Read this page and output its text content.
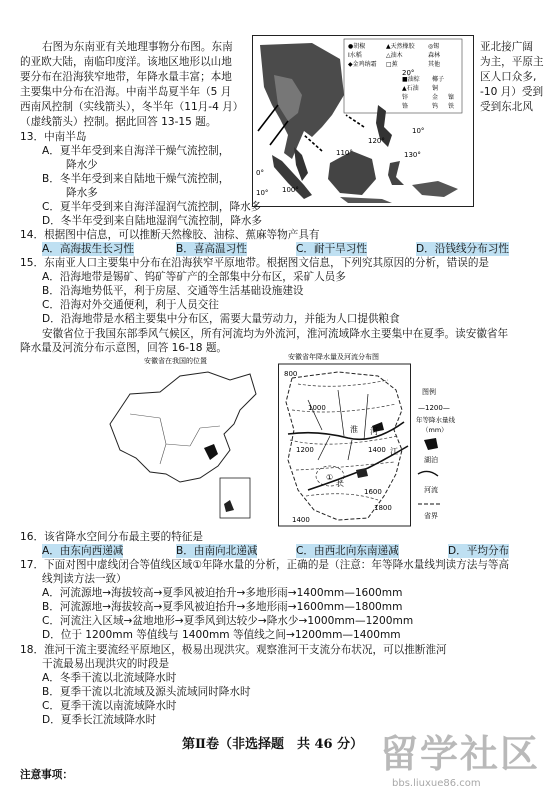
右图为东南亚有关地理事物分布图。东南
的亚欧大陆，南临印度洋。该地区地形以山地
要分布在沿海狭窄地带，年降水量丰富；本地
主要集中分布在沿海。中南半岛夏半年（5 月
西南风控制（实线箭头），冬半年（11月-4 月）
（虚线箭头）控制。据此回答 13-15 题。
亚北接广阔
为主，平原主
区人口众多,
-10 月）受到
受到东北风
●胡椒	▲天然橡胶 ◎锡
Ⅰ水稻	△油木	森林
◆金鸡纳霜 □蕉	其他
■油棕 椰子
▲石油 铜
锌	金
铬	钨
镍
铁
100°
110°
120°
130°
20°
10°
0°
10°
13．中南半岛
A．夏半年受到来自海洋干燥气流控制，
降水少
B．冬半年受到来自陆地干燥气流控制，
降水多
C．夏半年受到来自海洋湿润气流控制，降水多
D．冬半年受到来自陆地湿润气流控制，降水多
14．根据图中信息，可以推断天然橡胶、油棕、蕉麻等物产具有
A．高海拔生长习性	B．喜高温习性	C．耐干旱习性	D．沿钱线分布习性
15．东南亚人口主要集中分布在沿海狭窄平原地带。根据图文信息，下列究其原因的分析，错误的是
A．沿海地带是锡矿、钨矿等矿产的全部集中分布区，采矿人员多
B．沿海地势低平，利于房屋、交通等生活基础设施建设
C．沿海对外交通便利，利于人员交往
D．沿海地带是水稻主要集中分布区，需要大量劳动力，并能为人口提供粮食
安徽省位于我国东部季风气候区，所有河流均为外流河，淮河流域降水主要集中在夏季。读安徽省年
降水量及河流分布示意图，回答 16-18 题。
安徽省在我国的位置	安徽省年降水量及河流分布图
800
1000
1200	1400
1600
1800
1400
淮
长
江
河
①
图例
—1200—
年等降水量线
（mm）
湖泊
河流
省界
16．该省降水空间分布最主要的特征是
A．由东向西递减	B．由南向北递减	C．由西北向东南递减	D．平均分布
17．下面对图中虚线闭合等值线区域①年降水量的分析，正确的是（注意：年等降水量线判读方法与等高
线判读方法一致）
A．河流源地→海拔较高→夏季风被迫抬升→多地形雨→1400mm—1600mm
B．河流源地→海拔较高→夏季风被迫抬升→多地形雨→1600mm—1800mm
C．河流注入区域→盆地地形→夏季风到达较少→降水少→1000mm—1200mm
D．位于 1200mm 等值线与 1400mm 等值线之间→1200mm—1400mm
18．淮河干流主要流经平原地区，极易出现洪灾。观察淮河干支流分布状况，可以推断淮河
干流最易出现洪灾的时段是
A．冬季干流以北流域降水时
B．夏季干流以北流域及源头流域同时降水时
C．夏季干流以南流域降水时
D．夏季长江流域降水时
第Ⅱ卷（非选择题　共 46 分）
注意事项：	留学社区
bbs.liuxue86.com
